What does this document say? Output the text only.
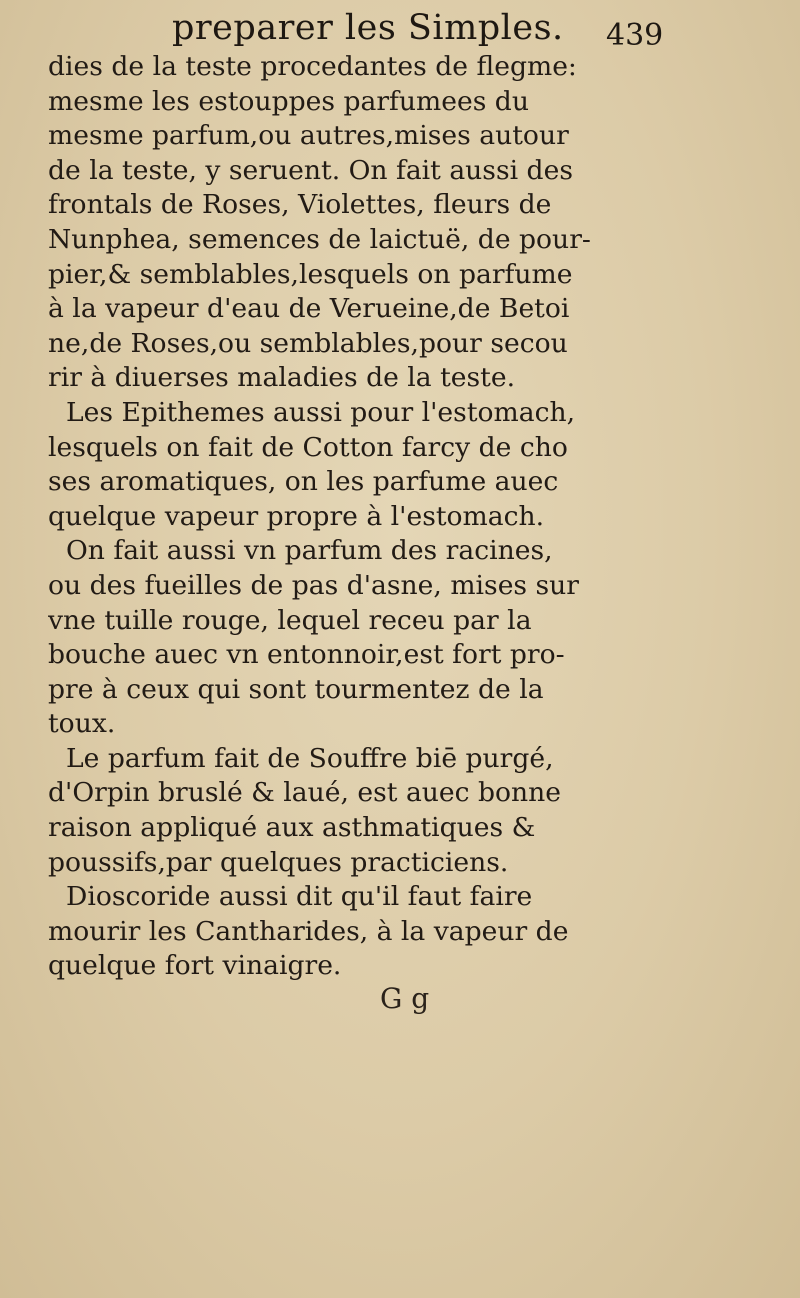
preparer les Simples. 439
dies de la teste procedantes de flegme:
mesme les estouppes parfumees du
mesme parfum,ou autres,mises autour
de la teste, y seruent. On fait aussi des
frontals de Roses, Violettes, fleurs de
Nunphea, semences de laictuë, de pour-
pier,& semblables,lesquels on parfume
à la vapeur d'eau de Verueine,de Betoi
ne,de Roses,ou semblables,pour secou
rir à diuerses maladies de la teste.
Les Epithemes aussi pour l'estomach,
lesquels on fait de Cotton farcy de cho
ses aromatiques, on les parfume auec
quelque vapeur propre à l'estomach.
On fait aussi vn parfum des racines,
ou des fueilles de pas d'asne, mises sur
vne tuille rouge, lequel receu par la
bouche auec vn entonnoir,est fort pro-
pre à ceux qui sont tourmentez de la
toux.
Le parfum fait de Souffre biē purgé,
d'Orpin bruslé & laué, est auec bonne
raison appliqué aux asthmatiques &
poussifs,par quelques practiciens.
Dioscoride aussi dit qu'il faut faire
mourir les Cantharides, à la vapeur de
quelque fort vinaigre.
G g
